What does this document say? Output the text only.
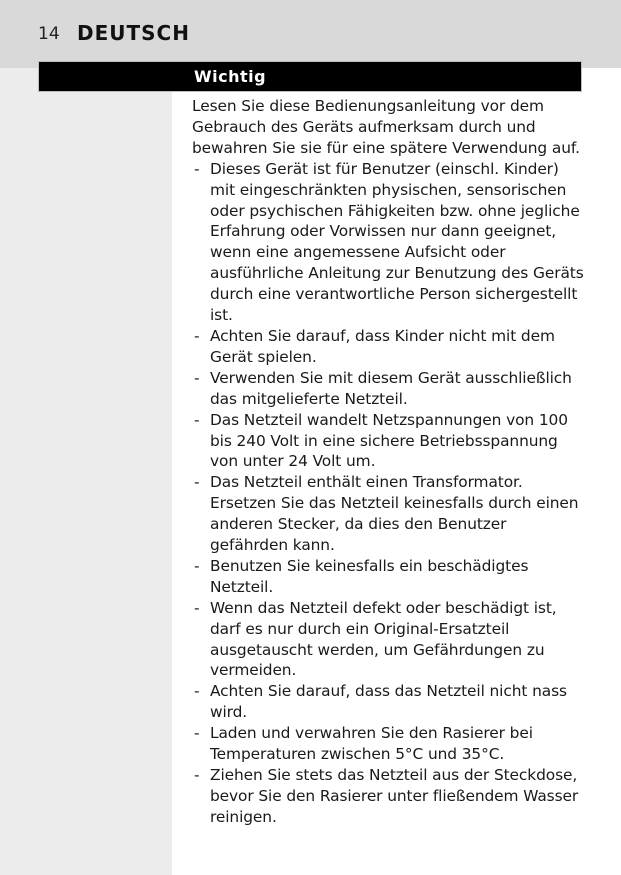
14 DEUTSCH
Wichtig

Lesen Sie diese Bedienungsanleitung vor dem Gebrauch des Geräts aufmerksam durch und bewahren Sie sie für eine spätere Verwendung auf.

- Dieses Gerät ist für Benutzer (einschl. Kinder) mit eingeschränkten physischen, sensorischen oder psychischen Fähigkeiten bzw. ohne jegliche Erfahrung oder Vorwissen nur dann geeignet, wenn eine angemessene Aufsicht oder ausführliche Anleitung zur Benutzung des Geräts durch eine verantwortliche Person sichergestellt ist.
- Achten Sie darauf, dass Kinder nicht mit dem Gerät spielen.
- Verwenden Sie mit diesem Gerät ausschließlich das mitgelieferte Netzteil.
- Das Netzteil wandelt Netzspannungen von 100 bis 240 Volt in eine sichere Betriebsspannung von unter 24 Volt um.
- Das Netzteil enthält einen Transformator. Ersetzen Sie das Netzteil keinesfalls durch einen anderen Stecker, da dies den Benutzer gefährden kann.
- Benutzen Sie keinesfalls ein beschädigtes Netzteil.
- Wenn das Netzteil defekt oder beschädigt ist, darf es nur durch ein Original-Ersatzteil ausgetauscht werden, um Gefährdungen zu vermeiden.
- Achten Sie darauf, dass das Netzteil nicht nass wird.
- Laden und verwahren Sie den Rasierer bei Temperaturen zwischen 5°C und 35°C.
- Ziehen Sie stets das Netzteil aus der Steckdose, bevor Sie den Rasierer unter fließendem Wasser reinigen.
